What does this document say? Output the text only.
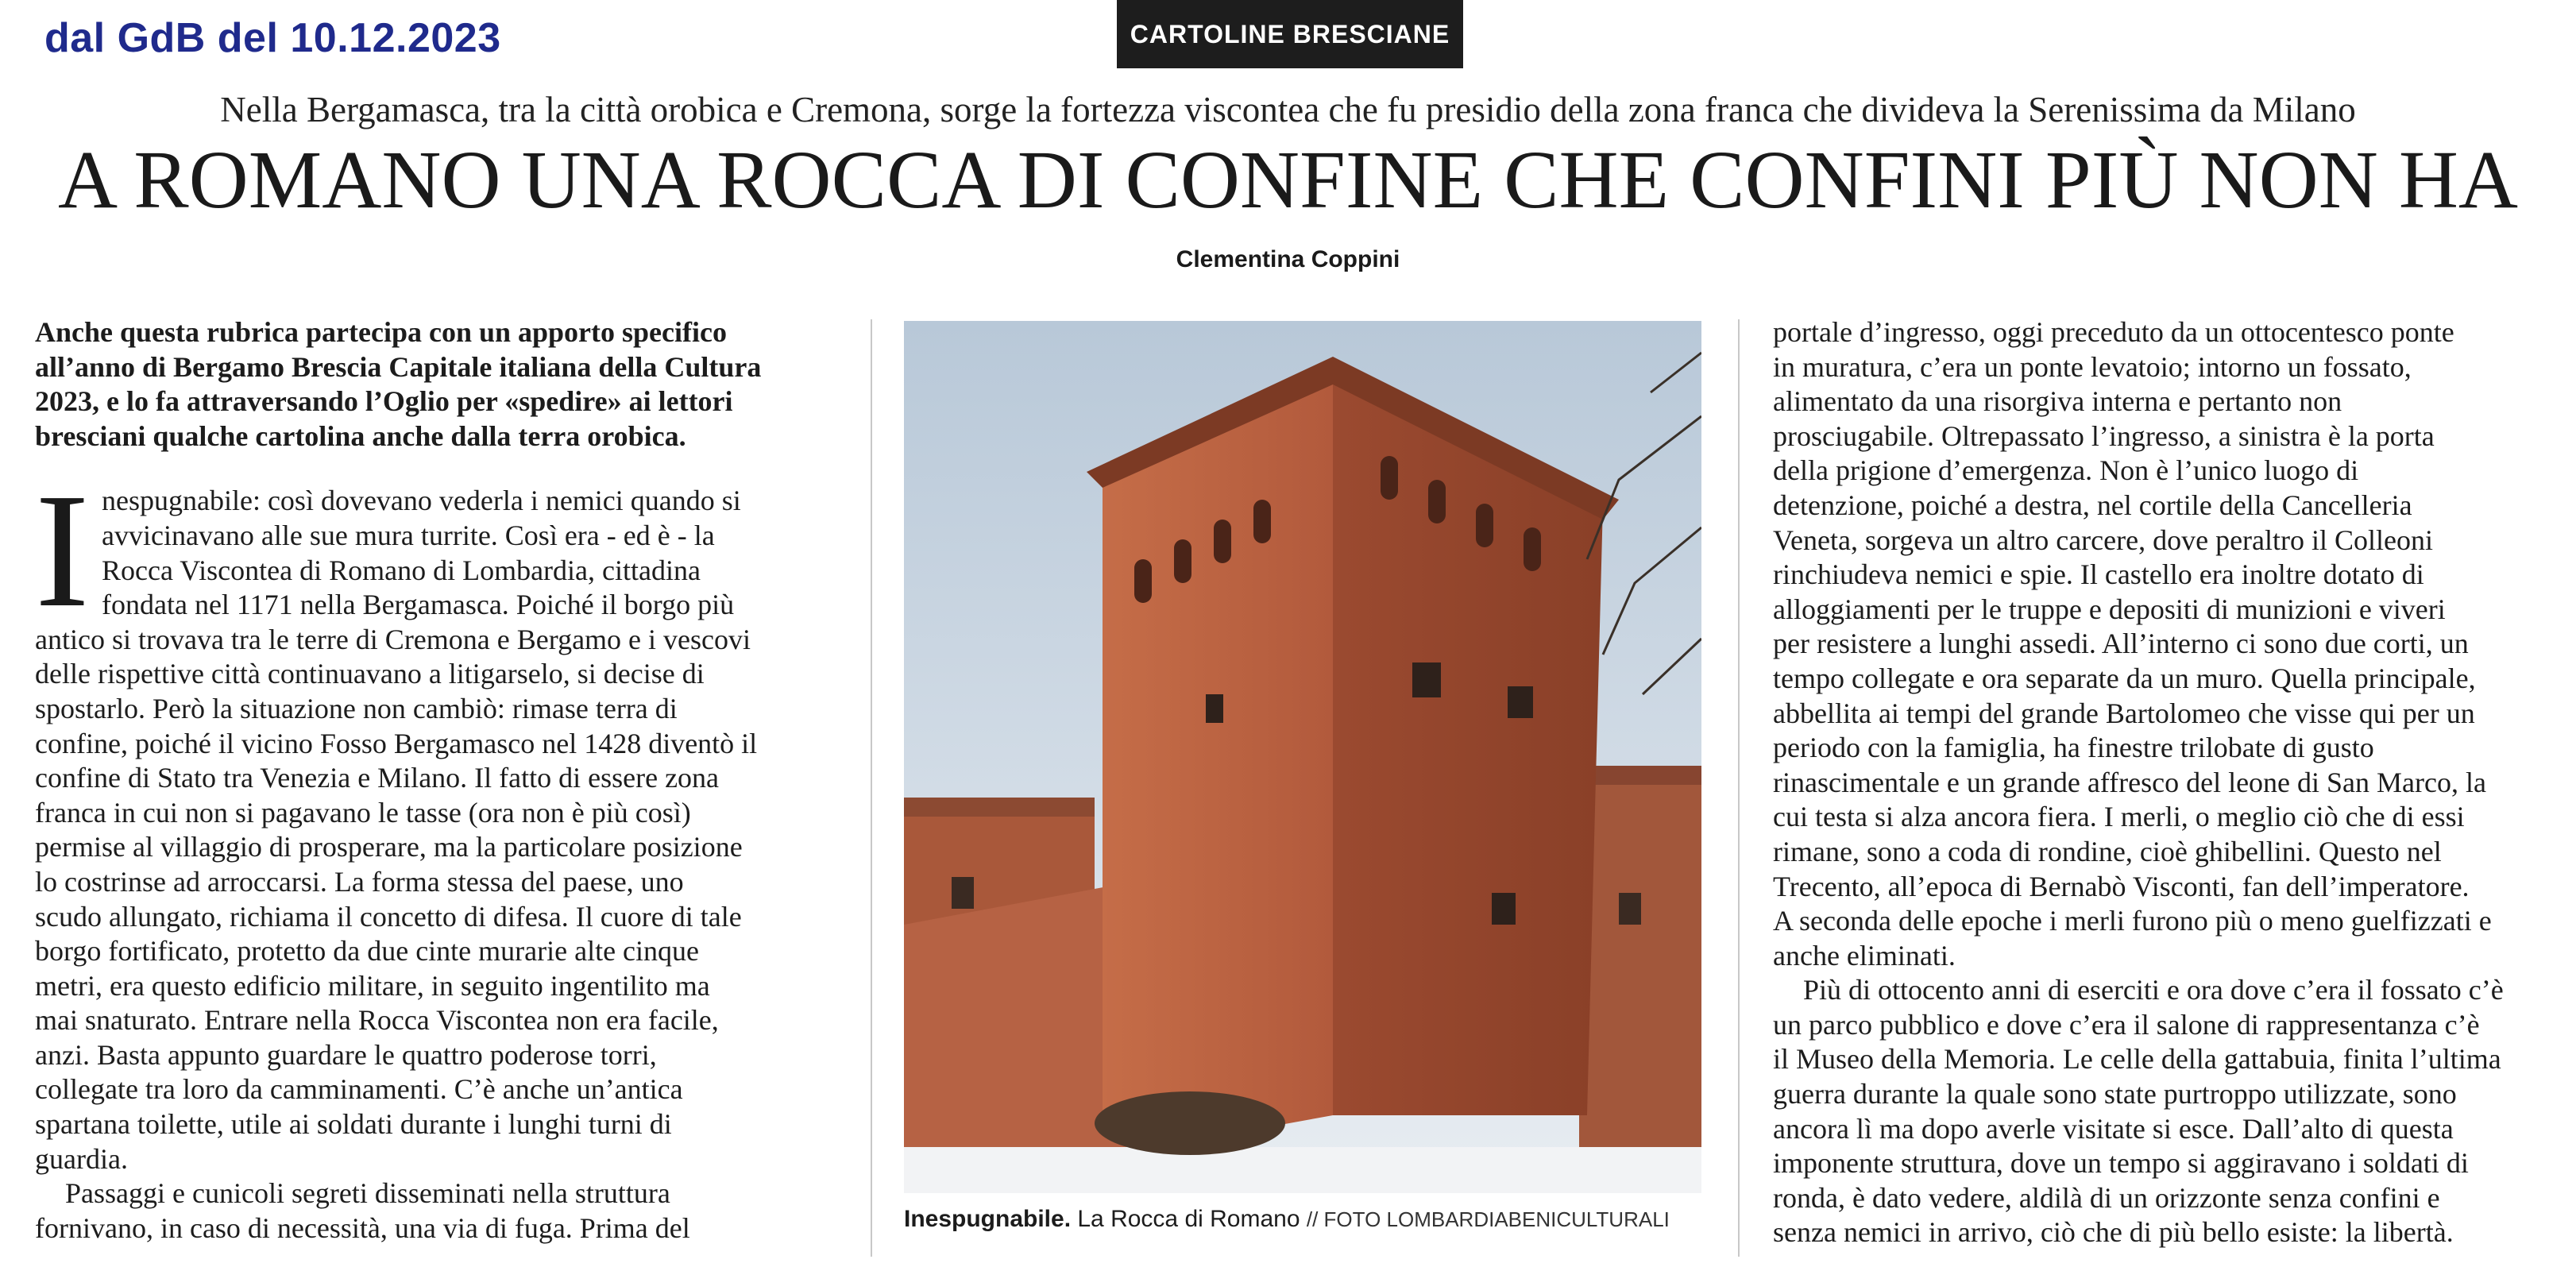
dal GdB del 10.12.2023	CARTOLINE BRESCIANE
Nella Bergamasca, tra la città orobica e Cremona, sorge la fortezza viscontea che fu presidio della zona franca che divideva la Serenissima da Milano
A ROMANO UNA ROCCA DI CONFINE CHE CONFINI PIÙ NON HA
Clementina Coppini

Anche questa rubrica partecipa con un apporto specifico
all’anno di Bergamo Brescia Capitale italiana della Cultura
2023, e lo fa attraversando l’Oglio per «spedire» ai lettori
bresciani qualche cartolina anche dalla terra orobica.

I nespugnabile: così dovevano vederla i nemici quando si
avvicinavano alle sue mura turrite. Così era - ed è - la
Rocca Viscontea di Romano di Lombardia, cittadina
fondata nel 1171 nella Bergamasca. Poiché il borgo più

antico si trovava tra le terre di Cremona e Bergamo e i vescovi
delle rispettive città continuavano a litigarselo, si decise di
spostarlo. Però la situazione non cambiò: rimase terra di
confine, poiché il vicino Fosso Bergamasco nel 1428 diventò il
confine di Stato tra Venezia e Milano. Il fatto di essere zona
franca in cui non si pagavano le tasse (ora non è più così)
permise al villaggio di prosperare, ma la particolare posizione
lo costrinse ad arroccarsi. La forma stessa del paese, uno
scudo allungato, richiama il concetto di difesa. Il cuore di tale
borgo fortificato, protetto da due cinte murarie alte cinque
metri, era questo edificio militare, in seguito ingentilito ma
mai snaturato. Entrare nella Rocca Viscontea non era facile,
anzi. Basta appunto guardare le quattro poderose torri,
collegate tra loro da camminamenti. C’è anche un’antica
spartana toilette, utile ai soldati durante i lunghi turni di
guardia.

Passaggi e cunicoli segreti disseminati nella struttura
fornivano, in caso di necessità, una via di fuga. Prima del	Inespugnabile. La Rocca di Romano // FOTO LOMBARDIABENICULTURALI

portale d’ingresso, oggi preceduto da un ottocentesco ponte
in muratura, c’era un ponte levatoio; intorno un fossato,
alimentato da una risorgiva interna e pertanto non
prosciugabile. Oltrepassato l’ingresso, a sinistra è la porta
della prigione d’emergenza. Non è l’unico luogo di
detenzione, poiché a destra, nel cortile della Cancelleria
Veneta, sorgeva un altro carcere, dove peraltro il Colleoni
rinchiudeva nemici e spie. Il castello era inoltre dotato di
alloggiamenti per le truppe e depositi di munizioni e viveri
per resistere a lunghi assedi. All’interno ci sono due corti, un
tempo collegate e ora separate da un muro. Quella principale,
abbellita ai tempi del grande Bartolomeo che visse qui per un
periodo con la famiglia, ha finestre trilobate di gusto
rinascimentale e un grande affresco del leone di San Marco, la
cui testa si alza ancora fiera. I merli, o meglio ciò che di essi
rimane, sono a coda di rondine, cioè ghibellini. Questo nel
Trecento, all’epoca di Bernabò Visconti, fan dell’imperatore.
A seconda delle epoche i merli furono più o meno guelfizzati e
anche eliminati.

Più di ottocento anni di eserciti e ora dove c’era il fossato c’è
un parco pubblico e dove c’era il salone di rappresentanza c’è
il Museo della Memoria. Le celle della gattabuia, finita l’ultima
guerra durante la quale sono state purtroppo utilizzate, sono
ancora lì ma dopo averle visitate si esce. Dall’alto di questa
imponente struttura, dove un tempo si aggiravano i soldati di
ronda, è dato vedere, aldilà di un orizzonte senza confini e
senza nemici in arrivo, ciò che di più bello esiste: la libertà.
